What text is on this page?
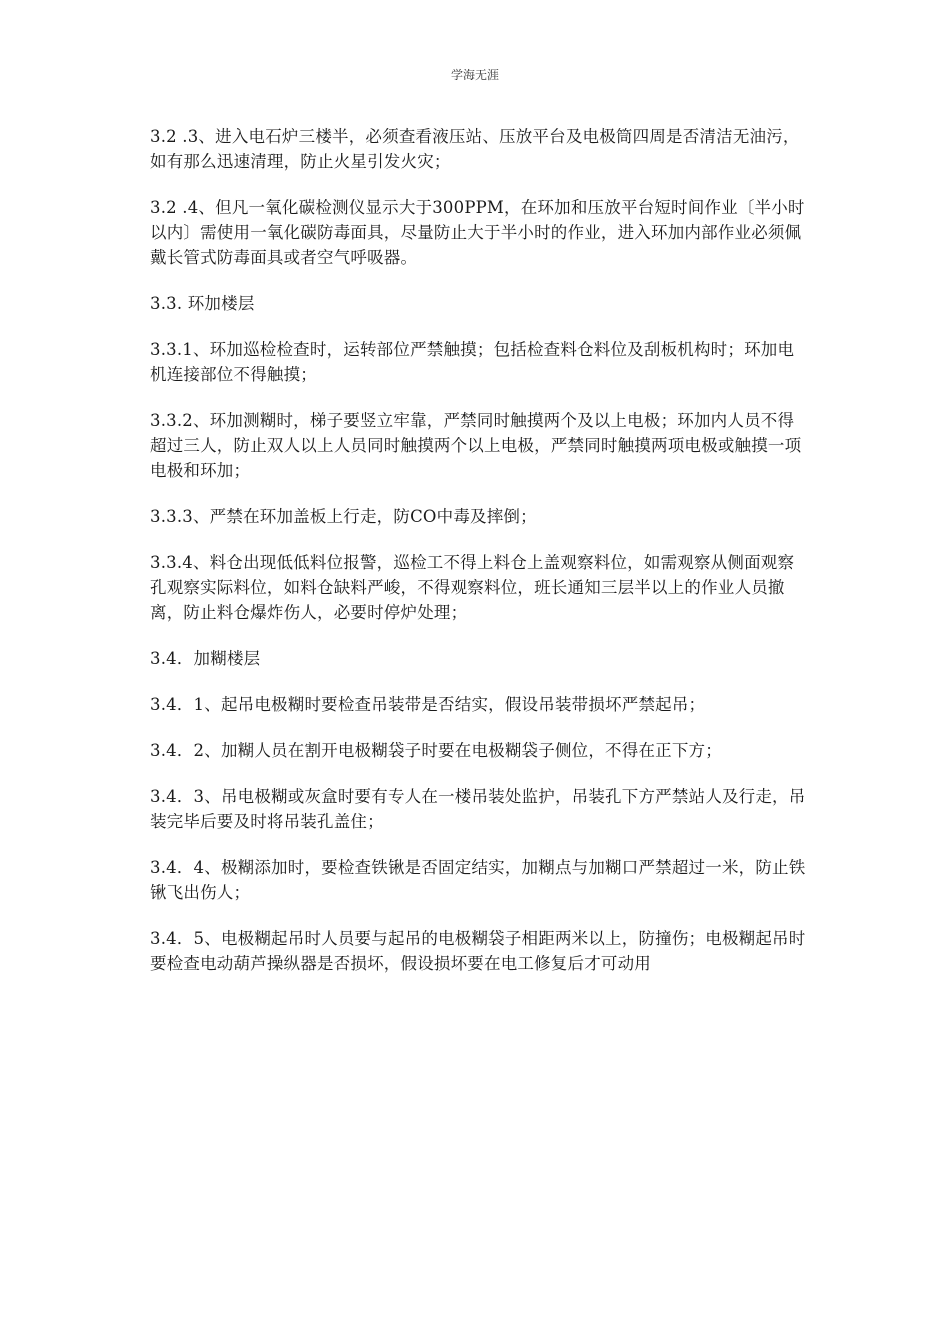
学海无涯

3.2 .3、进入电石炉三楼半，必须查看液压站、压放平台及电极筒四周是否清洁无油污，如有那么迅速清理，防止火星引发火灾；

3.2 .4、但凡一氧化碳检测仪显示大于300PPM，在环加和压放平台短时间作业〔半小时以内〕需使用一氧化碳防毒面具，尽量防止大于半小时的作业，进入环加内部作业必须佩戴长管式防毒面具或者空气呼吸器。

3.3. 环加楼层

3.3.1、环加巡检检查时，运转部位严禁触摸；包括检查料仓料位及刮板机构时；环加电机连接部位不得触摸；

3.3.2、环加测糊时，梯子要竖立牢靠，严禁同时触摸两个及以上电极；环加内人员不得超过三人，防止双人以上人员同时触摸两个以上电极，严禁同时触摸两项电极或触摸一项电极和环加；

3.3.3、严禁在环加盖板上行走，防CO中毒及摔倒；

3.3.4、料仓出现低低料位报警，巡检工不得上料仓上盖观察料位，如需观察从侧面观察孔观察实际料位，如料仓缺料严峻，不得观察料位，班长通知三层半以上的作业人员撤离，防止料仓爆炸伤人，必要时停炉处理；

3.4．加糊楼层

3.4．1、起吊电极糊时要检查吊装带是否结实，假设吊装带损坏严禁起吊；

3.4．2、加糊人员在割开电极糊袋子时要在电极糊袋子侧位，不得在正下方；

3.4．3、吊电极糊或灰盒时要有专人在一楼吊装处监护，吊装孔下方严禁站人及行走，吊装完毕后要及时将吊装孔盖住；

3.4．4、极糊添加时，要检查铁锹是否固定结实，加糊点与加糊口严禁超过一米，防止铁锹飞出伤人；

3.4．5、电极糊起吊时人员要与起吊的电极糊袋子相距两米以上，防撞伤；电极糊起吊时要检查电动葫芦操纵器是否损坏，假设损坏要在电工修复后才可动用
